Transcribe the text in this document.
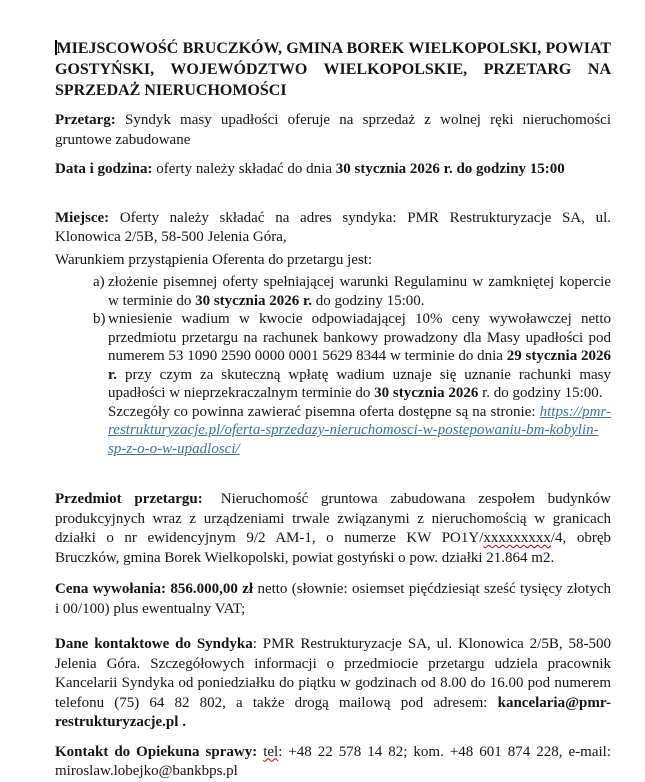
MIEJSCOWOŚĆ BRUCZKÓW, GMINA BOREK WIELKOPOLSKI, POWIAT GOSTYŃSKI, WOJEWÓDZTWO WIELKOPOLSKIE, PRZETARG NA SPRZEDAŻ NIERUCHOMOŚCI

Przetarg: Syndyk masy upadłości oferuje na sprzedaż z wolnej ręki nieruchomości gruntowe zabudowane

Data i godzina: oferty należy składać do dnia 30 stycznia 2026 r. do godziny 15:00

Miejsce: Oferty należy składać na adres syndyka: PMR Restrukturyzacje SA, ul. Klonowica 2/5B, 58-500 Jelenia Góra,

Warunkiem przystąpienia Oferenta do przetargu jest:

a) złożenie pisemnej oferty spełniającej warunki Regulaminu w zamkniętej kopercie w terminie do 30 stycznia 2026 r. do godziny 15:00.
b) wniesienie wadium w kwocie odpowiadającej 10% ceny wywoławczej netto przedmiotu przetargu na rachunek bankowy prowadzony dla Masy upadłości pod numerem 53 1090 2590 0000 0001 5629 8344 w terminie do dnia 29 stycznia 2026 r. przy czym za skuteczną wpłatę wadium uznaje się uznanie rachunki masy upadłości w nieprzekraczalnym terminie do 30 stycznia 2026 r. do godziny 15:00.
Szczegóły co powinna zawierać pisemna oferta dostępne są na stronie: https://pmr-restrukturyzacje.pl/oferta-sprzedazy-nieruchomosci-w-postepowaniu-bm-kobylin-sp-z-o-o-w-upadlosci/

Przedmiot przetargu: Nieruchomość gruntowa zabudowana zespołem budynków produkcyjnych wraz z urządzeniami trwale związanymi z nieruchomością w granicach działki o nr ewidencyjnym 9/2 AM-1, o numerze KW PO1Y/xxxxxxxxx/4, obręb Bruczków, gmina Borek Wielkopolski, powiat gostyński o pow. działki 21.864 m2.

Cena wywołania: 856.000,00 zł netto (słownie: osiemset pięćdziesiąt sześć tysięcy złotych i 00/100) plus ewentualny VAT;

Dane kontaktowe do Syndyka: PMR Restrukturyzacje SA, ul. Klonowica 2/5B, 58-500 Jelenia Góra. Szczegółowych informacji o przedmiocie przetargu udziela pracownik Kancelarii Syndyka od poniedziałku do piątku w godzinach od 8.00 do 16.00 pod numerem telefonu (75) 64 82 802, a także drogą mailową pod adresem: kancelaria@pmr-restrukturyzacje.pl .

Kontakt do Opiekuna sprawy: tel: +48 22 578 14 82; kom. +48 601 874 228, e-mail: miroslaw.lobejko@bankbps.pl
